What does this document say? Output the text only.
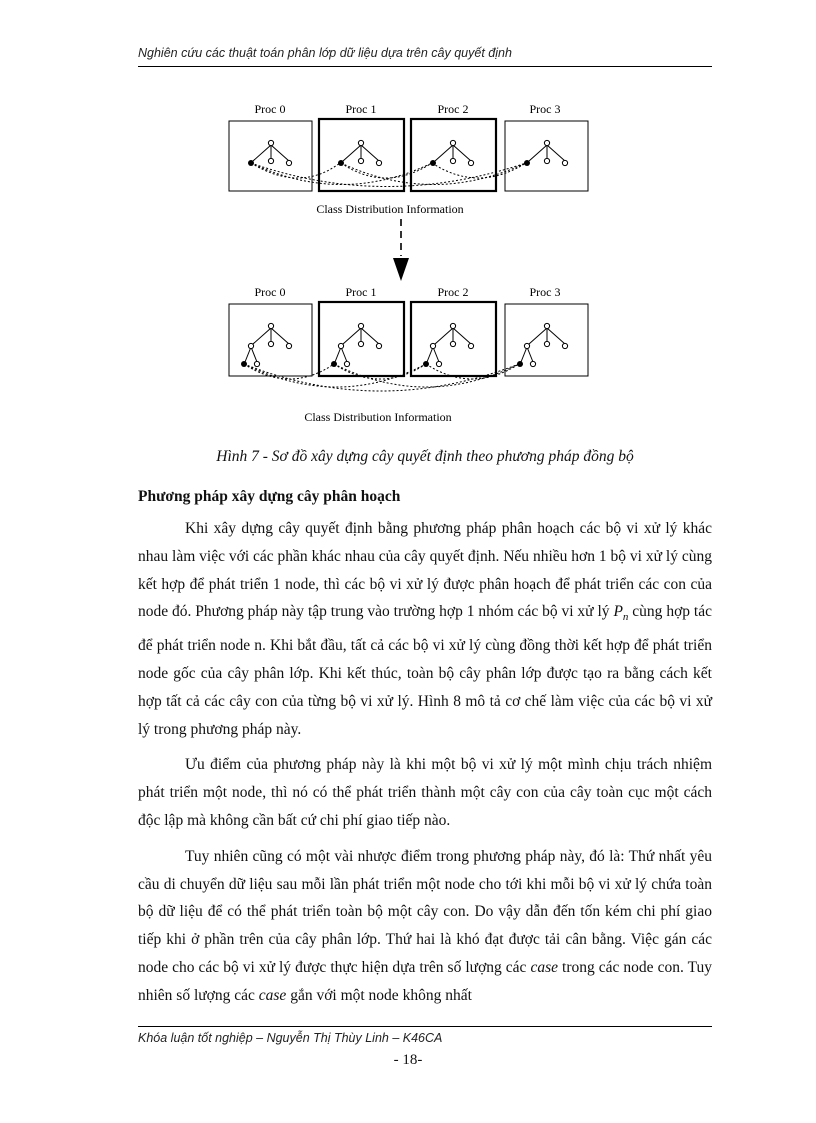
Nghiên cứu các thuật toán phân lớp dữ liệu dựa trên cây quyết định
Proc 0	Proc 1	Proc 2	Proc 3
Class Distribution Information
Proc 0	Proc 1	Proc 2	Proc 3
Class Distribution Information
Hình 7 - Sơ đồ xây dựng cây quyết định theo phương pháp đồng bộ
Phương pháp xây dựng cây phân hoạch

Khi xây dựng cây quyết định bằng phương pháp phân hoạch các bộ vi xử lý khác nhau làm việc với các phần khác nhau của cây quyết định. Nếu nhiều hơn 1 bộ vi xử lý cùng kết hợp để phát triển 1 node, thì các bộ vi xử lý được phân hoạch để phát triển các con của node đó. Phương pháp này tập trung vào trường hợp 1 nhóm các bộ vi xử lý $P_n$ cùng hợp tác để phát triển node n. Khi bắt đầu, tất cả các bộ vi xử lý cùng đồng thời kết hợp để phát triển node gốc của cây phân lớp. Khi kết thúc, toàn bộ cây phân lớp được tạo ra bằng cách kết hợp tất cả các cây con của từng bộ vi xử lý. Hình 8 mô tả cơ chế làm việc của các bộ vi xử lý trong phương pháp này.

Ưu điểm của phương pháp này là khi một bộ vi xử lý một mình chịu trách nhiệm phát triển một node, thì nó có thể phát triển thành một cây con của cây toàn cục một cách độc lập mà không cần bất cứ chi phí giao tiếp nào.

Tuy nhiên cũng có một vài nhược điểm trong phương pháp này, đó là: Thứ nhất yêu cầu di chuyển dữ liệu sau mỗi lần phát triển một node cho tới khi mỗi bộ vi xử lý chứa toàn bộ dữ liệu để có thể phát triển toàn bộ một cây con. Do vậy dẫn đến tốn kém chi phí giao tiếp khi ở phần trên của cây phân lớp. Thứ hai là khó đạt được tải cân bằng. Việc gán các node cho các bộ vi xử lý được thực hiện dựa trên số lượng các case trong các node con. Tuy nhiên số lượng các case gắn với một node không nhất

Khóa luận tốt nghiệp – Nguyễn Thị Thùy Linh – K46CA
- 18-
